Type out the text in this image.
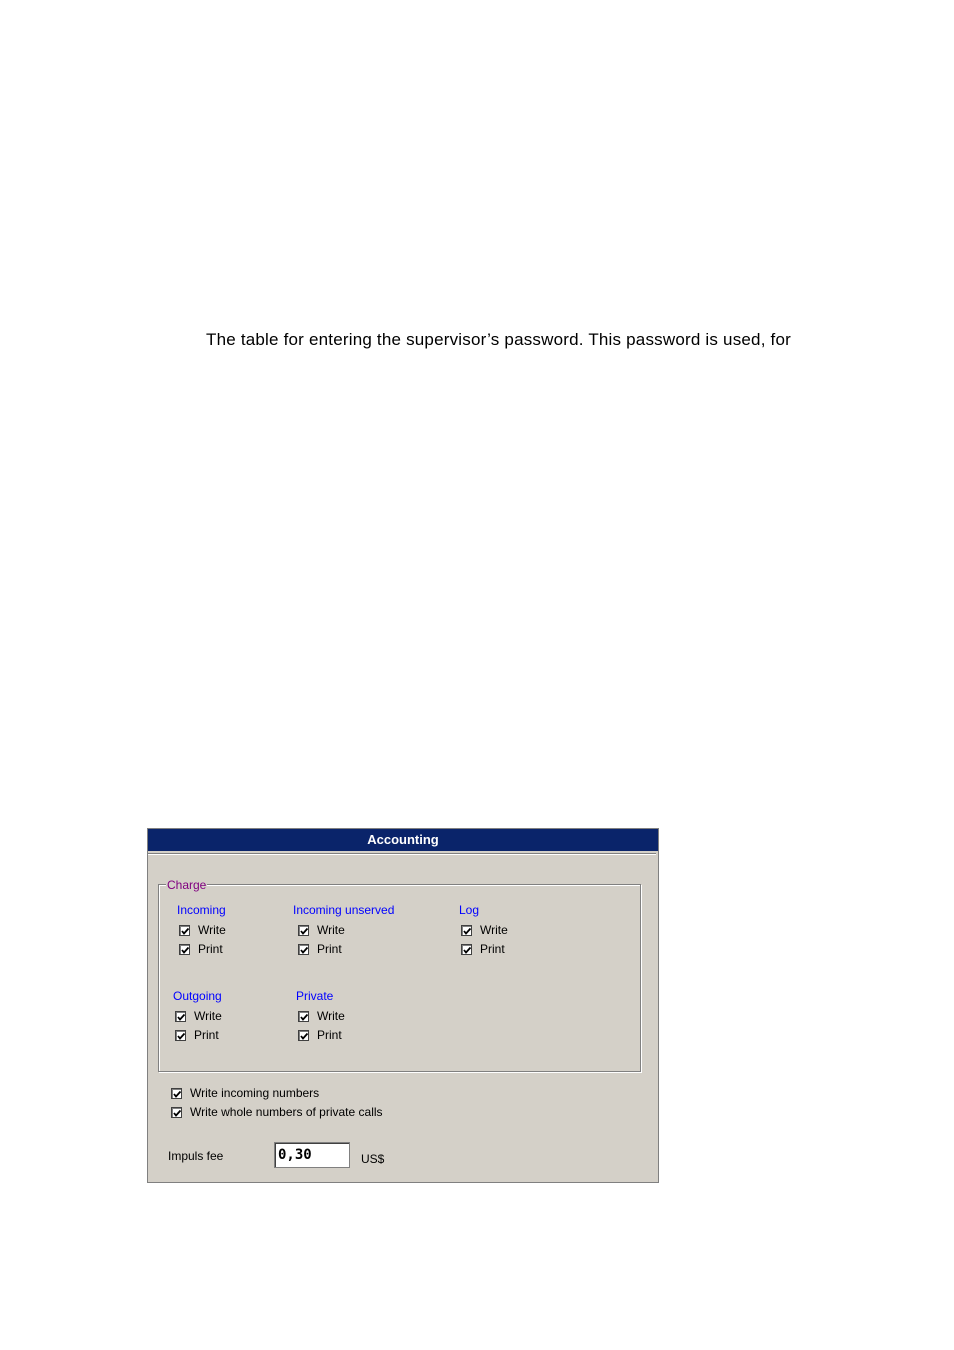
The table for entering the supervisor’s password. This password is used, for
Accounting
Charge
Incoming
Write
Print
Incoming unserved
Write
Print
Log
Write
Print
Outgoing
Write
Print
Private
Write
Print
Write incoming numbers
Write whole numbers of private calls
Impuls fee	0,30	US$
